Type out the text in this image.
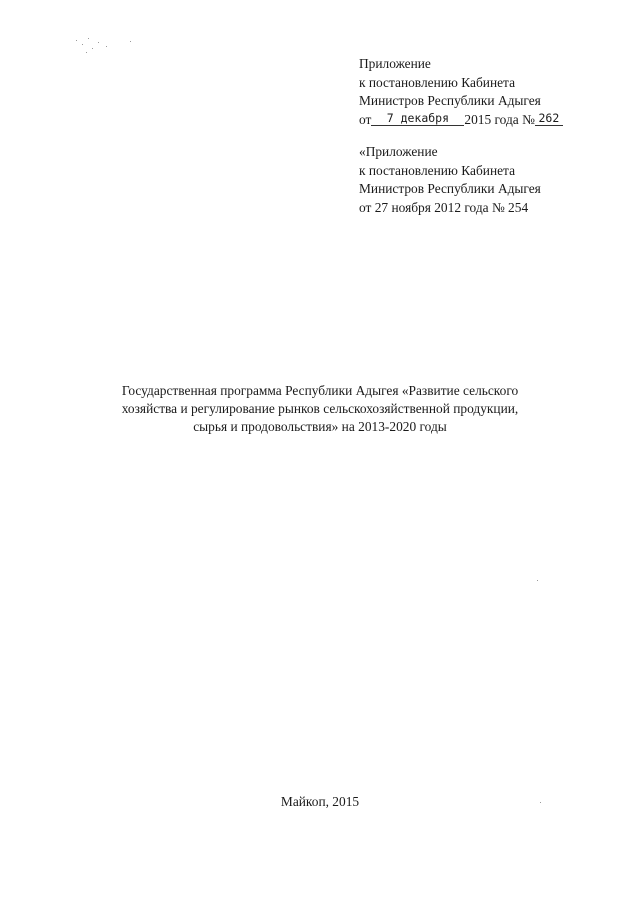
Приложение
к постановлению Кабинета
Министров Республики Адыгея
от 7 декабря 2015 года № 262
«Приложение
к постановлению Кабинета
Министров Республики Адыгея
от 27 ноября 2012 года № 254
Государственная программа Республики Адыгея «Развитие сельского
хозяйства и регулирование рынков сельскохозяйственной продукции,
сырья и продовольствия» на 2013-2020 годы
Майкоп, 2015
